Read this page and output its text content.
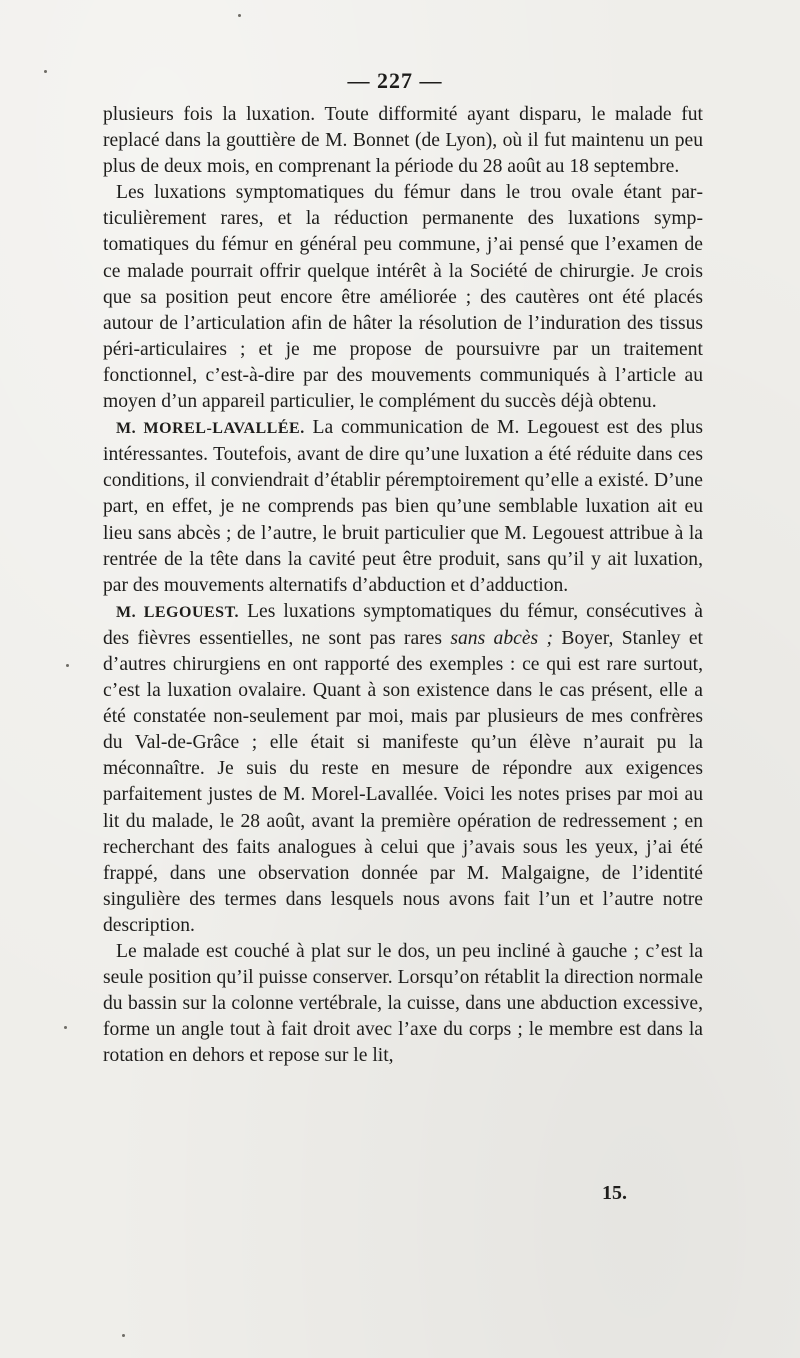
— 227 —

plusieurs fois la luxation. Toute difformité ayant disparu, le malade fut replacé dans la gouttière de M. Bonnet (de Lyon), où il fut maintenu un peu plus de deux mois, en comprenant la période du 28 août au 18 septembre.

Les luxations symptomatiques du fémur dans le trou ovale étant particulièrement rares, et la réduction permanente des luxations symptomatiques du fémur en général peu commune, j’ai pensé que l’examen de ce malade pourrait offrir quelque intérêt à la Société de chirurgie. Je crois que sa position peut encore être améliorée ; des cautères ont été placés autour de l’articulation afin de hâter la résolution de l’induration des tissus péri-articulaires ; et je me propose de poursuivre par un traitement fonctionnel, c’est-à-dire par des mouvements communiqués à l’article au moyen d’un appareil particulier, le complément du succès déjà obtenu.

M. MOREL-LAVALLÉE. La communication de M. Legouest est des plus intéressantes. Toutefois, avant de dire qu’une luxation a été réduite dans ces conditions, il conviendrait d’établir péremptoirement qu’elle a existé. D’une part, en effet, je ne comprends pas bien qu’une semblable luxation ait eu lieu sans abcès ; de l’autre, le bruit particulier que M. Legouest attribue à la rentrée de la tête dans la cavité peut être produit, sans qu’il y ait luxation, par des mouvements alternatifs d’abduction et d’adduction.

M. LEGOUEST. Les luxations symptomatiques du fémur, consécutives à des fièvres essentielles, ne sont pas rares sans abcès ; Boyer, Stanley et d’autres chirurgiens en ont rapporté des exemples : ce qui est rare surtout, c’est la luxation ovalaire. Quant à son existence dans le cas présent, elle a été constatée non-seulement par moi, mais par plusieurs de mes confrères du Val-de-Grâce ; elle était si manifeste qu’un élève n’aurait pu la méconnaître. Je suis du reste en mesure de répondre aux exigences parfaitement justes de M. Morel-Lavallée. Voici les notes prises par moi au lit du malade, le 28 août, avant la première opération de redressement ; en recherchant des faits analogues à celui que j’avais sous les yeux, j’ai été frappé, dans une observation donnée par M. Malgaigne, de l’identité singulière des termes dans lesquels nous avons fait l’un et l’autre notre description.

Le malade est couché à plat sur le dos, un peu incliné à gauche ; c’est la seule position qu’il puisse conserver. Lorsqu’on rétablit la direction normale du bassin sur la colonne vertébrale, la cuisse, dans une abduction excessive, forme un angle tout à fait droit avec l’axe du corps ; le membre est dans la rotation en dehors et repose sur le lit,

15.
